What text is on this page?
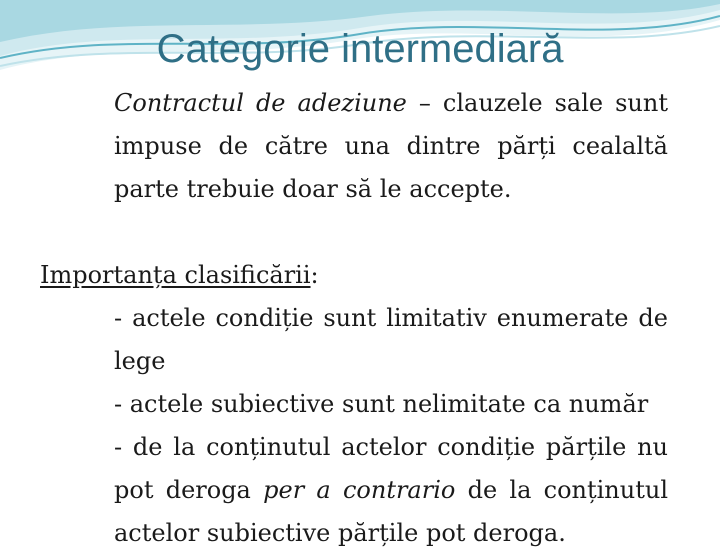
Categorie intermediară

Contractul de adeziune – clauzele sale sunt impuse de către una dintre părți cealaltă parte trebuie doar să le accepte.

Importanța clasificării:

- actele condiție sunt limitativ enumerate de lege

- actele subiective sunt nelimitate ca număr

- de la conținutul actelor condiție părțile nu pot deroga per a contrario de la conținutul actelor subiective părțile pot deroga.
